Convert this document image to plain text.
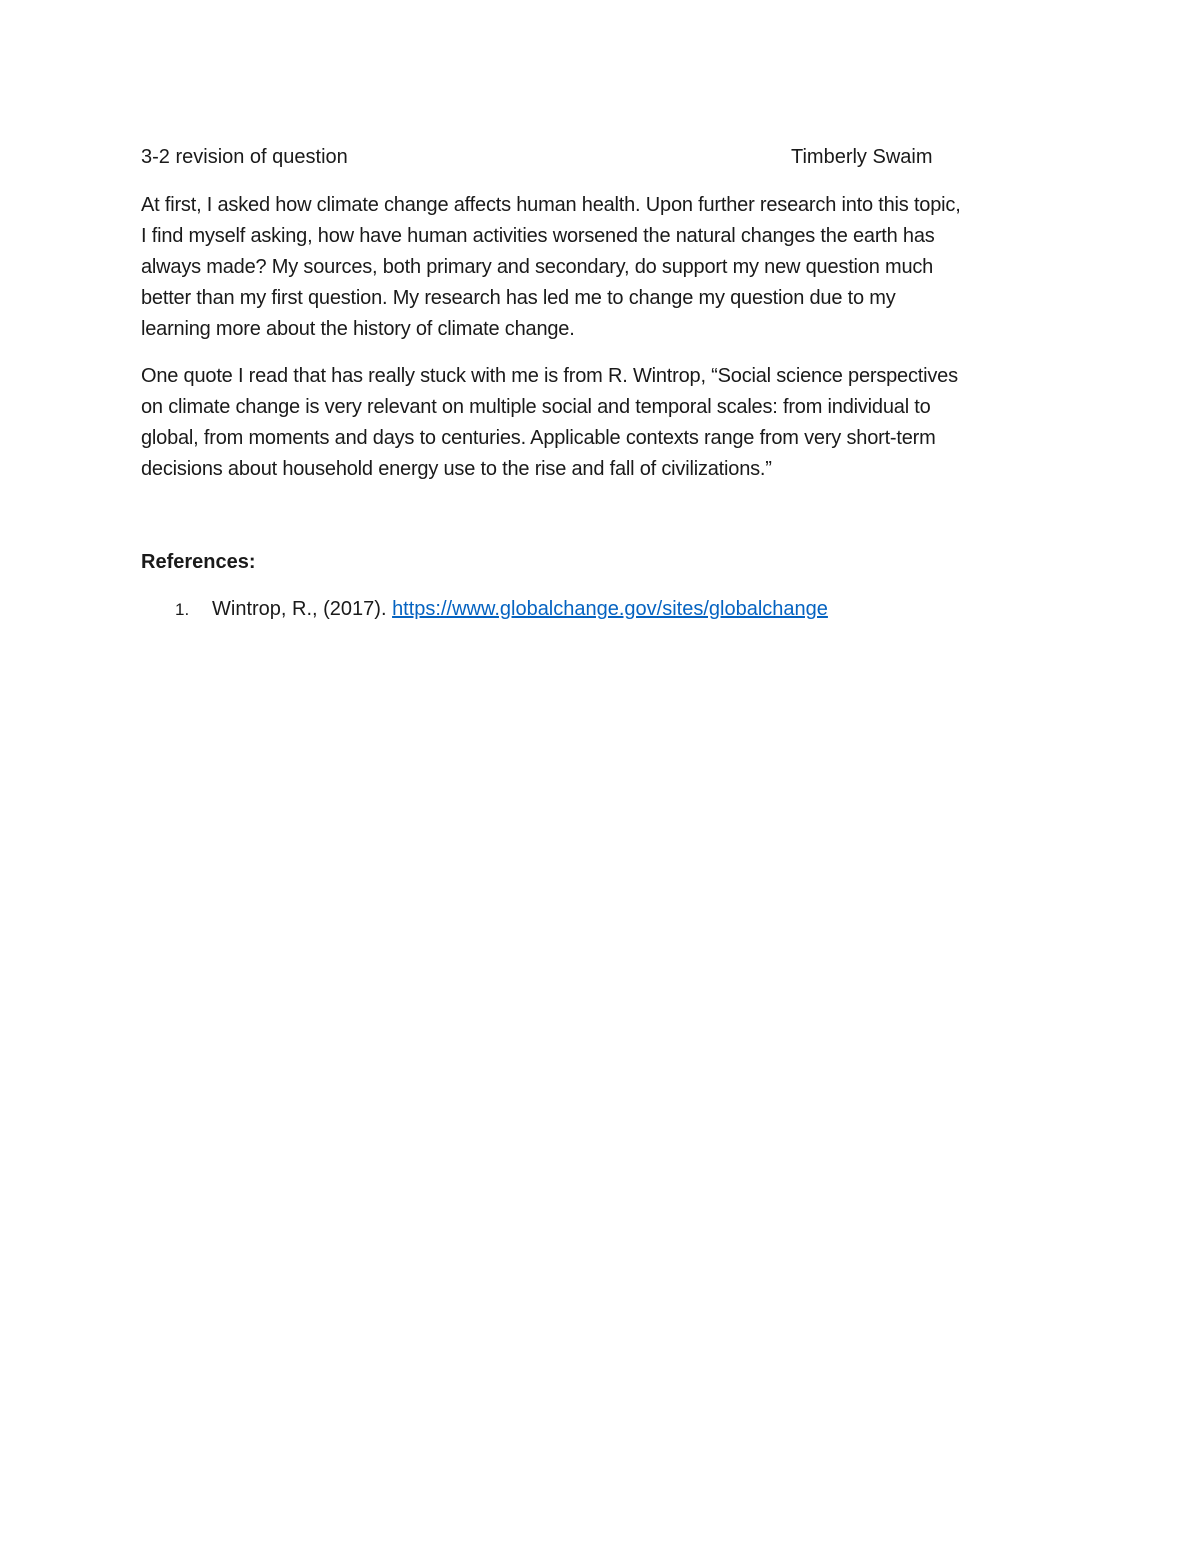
3-2 revision of question	Timberly Swaim

At first, I asked how climate change affects human health. Upon further research into this topic,
I find myself asking, how have human activities worsened the natural changes the earth has
always made? My sources, both primary and secondary, do support my new question much
better than my first question. My research has led me to change my question due to my
learning more about the history of climate change.

One quote I read that has really stuck with me is from R. Wintrop, “Social science perspectives
on climate change is very relevant on multiple social and temporal scales: from individual to
global, from moments and days to centuries. Applicable contexts range from very short-term
decisions about household energy use to the rise and fall of civilizations.”

References:
1. Wintrop, R., (2017). https://www.globalchange.gov/sites/globalchange
